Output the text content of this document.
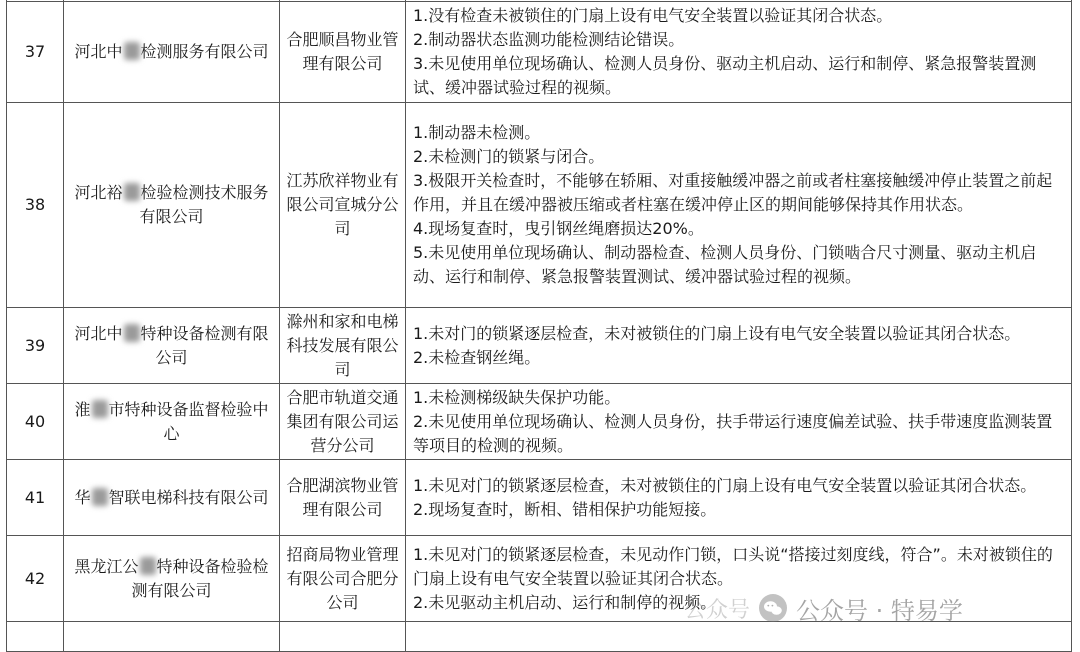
37	河北中 检测服务有限公司	合肥顺昌物业管理有限公司	1.没有检查未被锁住的门扇上设有电气安全装置以验证其闭合状态。
2.制动器状态监测功能检测结论错误。
3.未见使用单位现场确认、检测人员身份、驱动主机启动、运行和制停、紧急报警装置测试、缓冲器试验过程的视频。

38	河北裕 检验检测技术服务有限公司	江苏欣祥物业有限公司宣城分公司	1.制动器未检测。
2.未检测门的锁紧与闭合。
3.极限开关检查时，不能够在轿厢、对重接触缓冲器之前或者柱塞接触缓冲停止装置之前起作用，并且在缓冲器被压缩或者柱塞在缓冲停止区的期间能够保持其作用状态。
4.现场复查时，曳引钢丝绳磨损达20%。
5.未见使用单位现场确认、制动器检查、检测人员身份、门锁啮合尺寸测量、驱动主机启动、运行和制停、紧急报警装置测试、缓冲器试验过程的视频。

39	河北中 特种设备检测有限公司	滁州和家和电梯科技发展有限公司	1.未对门的锁紧逐层检查，未对被锁住的门扇上设有电气安全装置以验证其闭合状态。
2.未检查钢丝绳。

40	淮 市特种设备监督检验中心	合肥市轨道交通集团有限公司运营分公司	1.未检测梯级缺失保护功能。
2.未见使用单位现场确认、检测人员身份，扶手带运行速度偏差试验、扶手带速度监测装置等项目的检测的视频。

41	华 智联电梯科技有限公司	合肥湖滨物业管理有限公司	1.未见对门的锁紧逐层检查，未对被锁住的门扇上设有电气安全装置以验证其闭合状态。
2.现场复查时，断相、错相保护功能短接。

42	黑龙江公 特种设备检验检测有限公司	招商局物业管理有限公司合肥分公司	1.未见对门的锁紧逐层检查，未见动作门锁，口头说“搭接过刻度线，符合”。未对被锁住的门扇上设有电气安全装置以验证其闭合状态。
2.未见驱动主机启动、运行和制停的视频。

公众号 公众号 · 特易学
